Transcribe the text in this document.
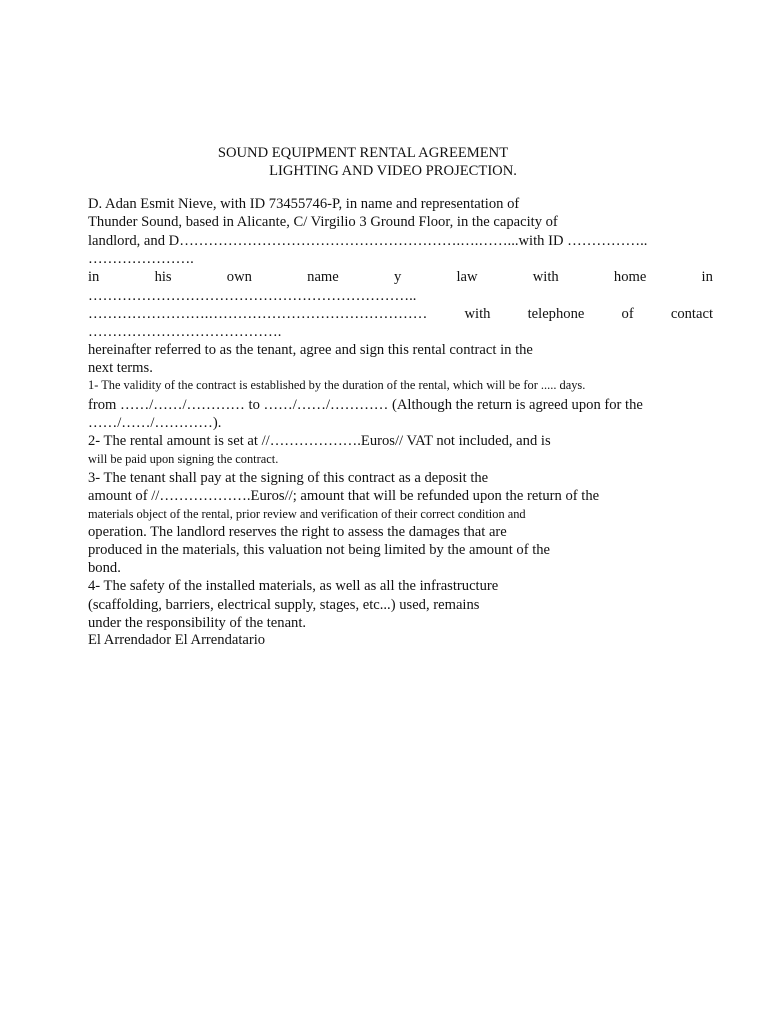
SOUND EQUIPMENT RENTAL AGREEMENT
LIGHTING AND VIDEO PROJECTION.
D. Adan Esmit Nieve, with ID 73455746-P, in name and representation of
Thunder Sound, based in Alicante, C/ Virgilio 3 Ground Floor, in the capacity of
landlord, and D………………………………………………….….……...with ID ……………..
………………….
in	his	own	name	y	law	with	home	in
…………………………………………………………..
…………………….………………………………………	with	telephone	of	contact
………………………………….
hereinafter referred to as the tenant, agree and sign this rental contract in the
next terms.
1- The validity of the contract is established by the duration of the rental, which will be for ..... days.
from ……/……/………… to ……/……/………… (Although the return is agreed upon for the
……/……/…………).
2- The rental amount is set at //……………….Euros// VAT not included, and is
will be paid upon signing the contract.
3- The tenant shall pay at the signing of this contract as a deposit the
amount of //……………….Euros//; amount that will be refunded upon the return of the
materials object of the rental, prior review and verification of their correct condition and
operation. The landlord reserves the right to assess the damages that are
produced in the materials, this valuation not being limited by the amount of the
bond.
4- The safety of the installed materials, as well as all the infrastructure
(scaffolding, barriers, electrical supply, stages, etc...) used, remains
under the responsibility of the tenant.
El Arrendador El Arrendatario
